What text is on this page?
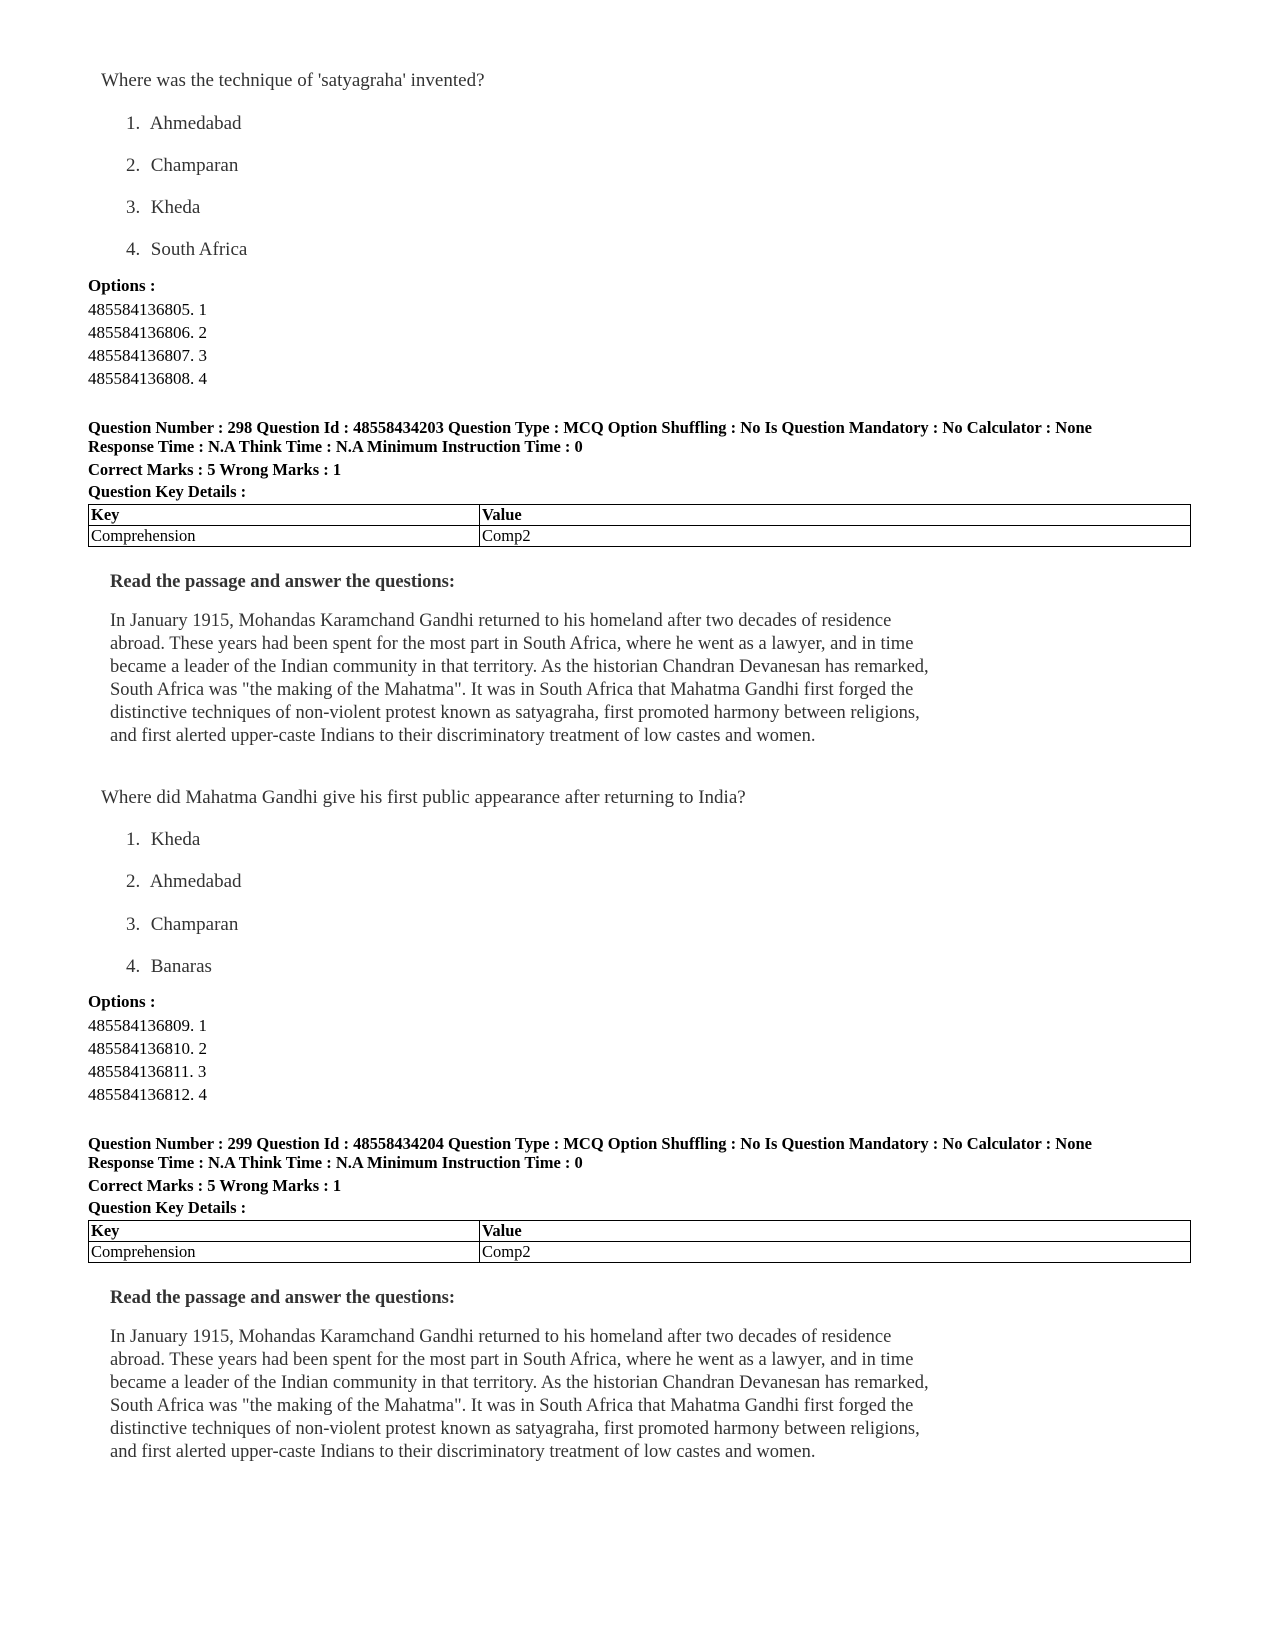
Where was the technique of 'satyagraha' invented?
1. Ahmedabad
2. Champaran
3. Kheda
4. South Africa
Options :
485584136805. 1
485584136806. 2
485584136807. 3
485584136808. 4
Question Number : 298 Question Id : 48558434203 Question Type : MCQ Option Shuffling : No Is Question Mandatory : No Calculator : None
Response Time : N.A Think Time : N.A Minimum Instruction Time : 0
Correct Marks : 5 Wrong Marks : 1
Question Key Details :
Key	Value
Comprehension	Comp2
Read the passage and answer the questions:
In January 1915, Mohandas Karamchand Gandhi returned to his homeland after two decades of residence
abroad. These years had been spent for the most part in South Africa, where he went as a lawyer, and in time
became a leader of the Indian community in that territory. As the historian Chandran Devanesan has remarked,
South Africa was "the making of the Mahatma". It was in South Africa that Mahatma Gandhi first forged the
distinctive techniques of non-violent protest known as satyagraha, first promoted harmony between religions,
and first alerted upper-caste Indians to their discriminatory treatment of low castes and women.
Where did Mahatma Gandhi give his first public appearance after returning to India?
1. Kheda
2. Ahmedabad
3. Champaran
4. Banaras
Options :
485584136809. 1
485584136810. 2
485584136811. 3
485584136812. 4
Question Number : 299 Question Id : 48558434204 Question Type : MCQ Option Shuffling : No Is Question Mandatory : No Calculator : None
Response Time : N.A Think Time : N.A Minimum Instruction Time : 0
Correct Marks : 5 Wrong Marks : 1
Question Key Details :
Key	Value
Comprehension	Comp2
Read the passage and answer the questions:
In January 1915, Mohandas Karamchand Gandhi returned to his homeland after two decades of residence
abroad. These years had been spent for the most part in South Africa, where he went as a lawyer, and in time
became a leader of the Indian community in that territory. As the historian Chandran Devanesan has remarked,
South Africa was "the making of the Mahatma". It was in South Africa that Mahatma Gandhi first forged the
distinctive techniques of non-violent protest known as satyagraha, first promoted harmony between religions,
and first alerted upper-caste Indians to their discriminatory treatment of low castes and women.
